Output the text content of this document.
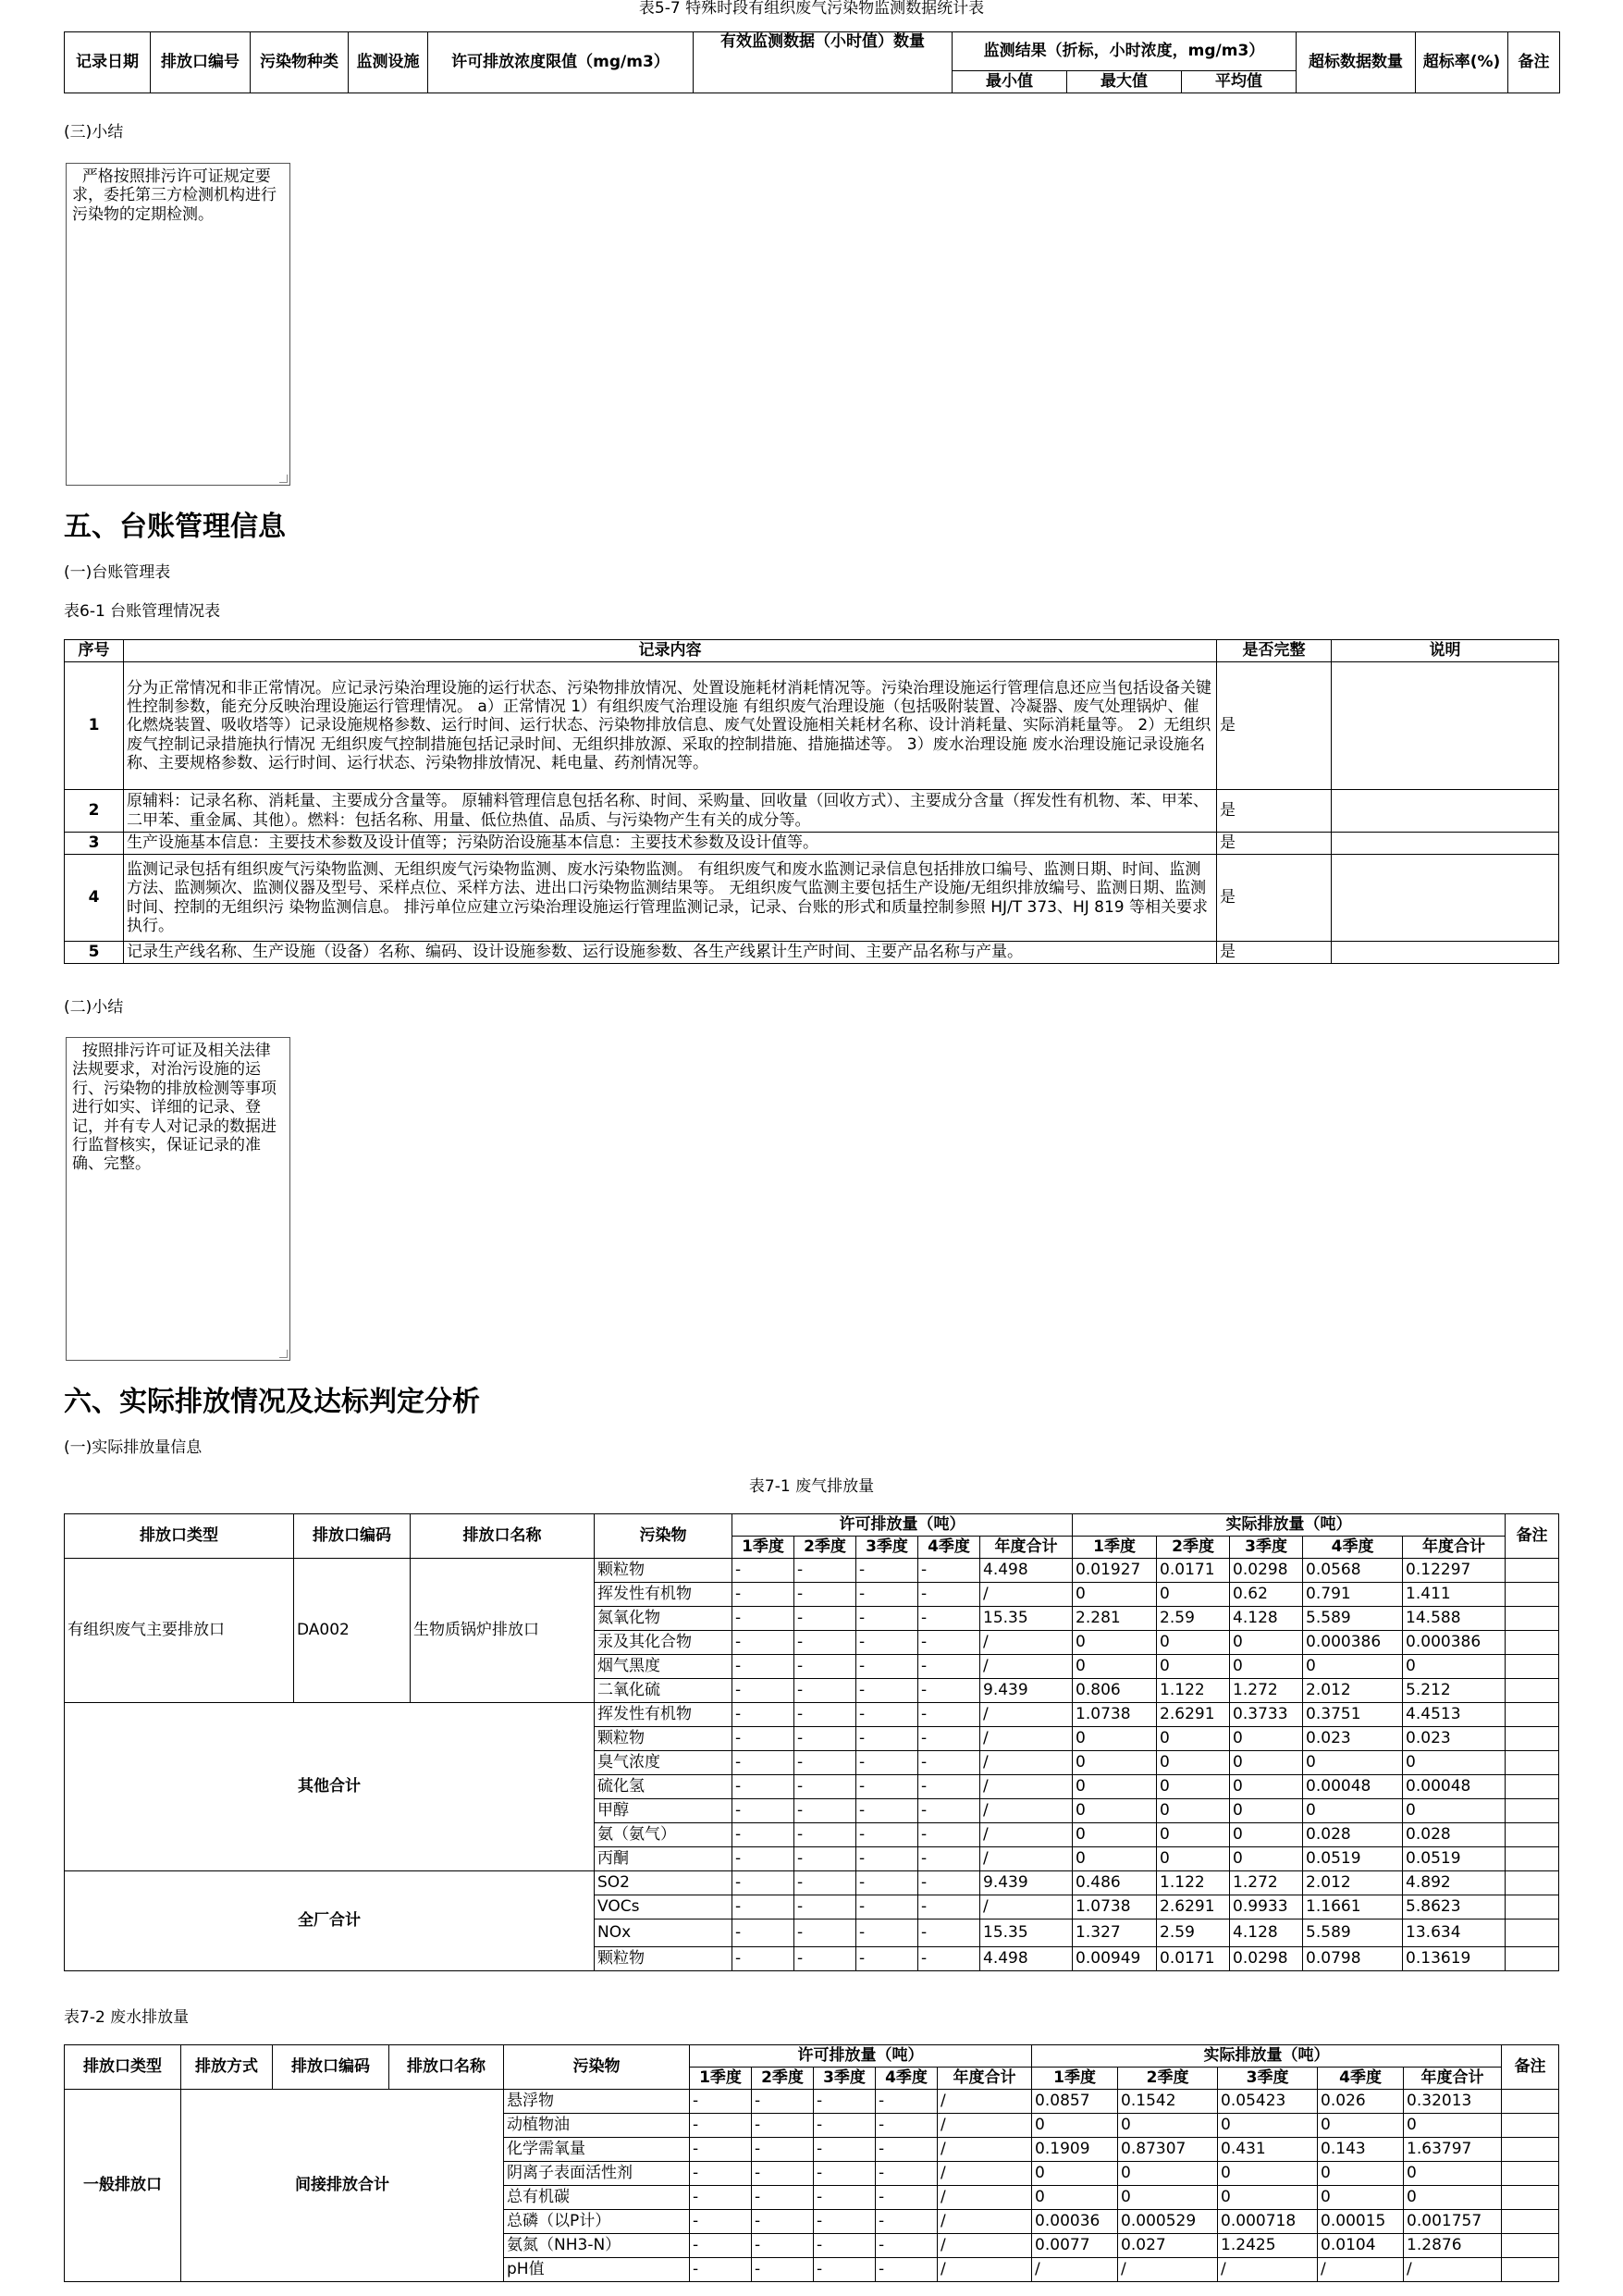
表5-7 特殊时段有组织废气污染物监测数据统计表
记录日期	排放口编号	污染物种类	监测设施	许可排放浓度限值（mg/m3）	有效监测数据（小时值）数量	监测结果（折标，小时浓度，mg/m3）			超标数据数量	超标率(%)	备注
						最小值	最大值	平均值			
(三)小结
严格按照排污许可证规定要求，委托第三方检测机构进行污染物的定期检测。
五、台账管理信息
(一)台账管理表
表6-1 台账管理情况表
序号	记录内容	是否完整	说明
1	分为正常情况和非正常情况。应记录污染治理设施的运行状态、污染物排放情况、处置设施耗材消耗情况等。污染治理设施运行管理信息还应当包括设备关键性控制参数，能充分反映治理设施运行管理情况。 a）正常情况 1）有组织废气治理设施 有组织废气治理设施（包括吸附装置、冷凝器、废气处理锅炉、催化燃烧装置、吸收塔等）记录设施规格参数、运行时间、运行状态、污染物排放信息、废气处置设施相关耗材名称、设计消耗量、实际消耗量等。 2）无组织废气控制记录措施执行情况 无组织废气控制措施包括记录时间、无组织排放源、采取的控制措施、措施描述等。 3）废水治理设施 废水治理设施记录设施名称、主要规格参数、运行时间、运行状态、污染物排放情况、耗电量、药剂情况等。	是	
2	原辅料：记录名称、消耗量、主要成分含量等。 原辅料管理信息包括名称、时间、采购量、回收量（回收方式）、主要成分含量（挥发性有机物、苯、甲苯、二甲苯、重金属、其他）。燃料：包括名称、用量、低位热值、品质、与污染物产生有关的成分等。	是	
3	生产设施基本信息：主要技术参数及设计值等；污染防治设施基本信息：主要技术参数及设计值等。	是	
4	监测记录包括有组织废气污染物监测、无组织废气污染物监测、废水污染物监测。 有组织废气和废水监测记录信息包括排放口编号、监测日期、时间、监测方法、监测频次、监测仪器及型号、采样点位、采样方法、进出口污染物监测结果等。 无组织废气监测主要包括生产设施/无组织排放编号、监测日期、监测时间、控制的无组织污 染物监测信息。 排污单位应建立污染治理设施运行管理监测记录，记录、台账的形式和质量控制参照 HJ/T 373、HJ 819 等相关要求执行。	是	
5	记录生产线名称、生产设施（设备）名称、编码、设计设施参数、运行设施参数、各生产线累计生产时间、主要产品名称与产量。	是	
(二)小结
按照排污许可证及相关法律法规要求，对治污设施的运行、污染物的排放检测等事项进行如实、详细的记录、登记，并有专人对记录的数据进行监督核实，保证记录的准确、完整。
六、实际排放情况及达标判定分析
(一)实际排放量信息
表7-1 废气排放量
排放口类型	排放口编码	排放口名称	污染物	许可排放量（吨）					实际排放量（吨）					备注
				1季度	2季度	3季度	4季度	年度合计	1季度	2季度	3季度	4季度	年度合计	
有组织废气主要排放口	DA002	生物质锅炉排放口	颗粒物	-	-	-	-	4.498	0.01927	0.0171	0.0298	0.0568	0.12297	
			挥发性有机物	-	-	-	-	/	0	0	0.62	0.791	1.411	
			氮氧化物	-	-	-	-	15.35	2.281	2.59	4.128	5.589	14.588	
			汞及其化合物	-	-	-	-	/	0	0	0	0.000386	0.000386	
			烟气黑度	-	-	-	-	/	0	0	0	0	0	
			二氧化硫	-	-	-	-	9.439	0.806	1.122	1.272	2.012	5.212	
其他合计			挥发性有机物	-	-	-	-	/	1.0738	2.6291	0.3733	0.3751	4.4513	
			颗粒物	-	-	-	-	/	0	0	0	0.023	0.023	
			臭气浓度	-	-	-	-	/	0	0	0	0	0	
			硫化氢	-	-	-	-	/	0	0	0	0.00048	0.00048	
			甲醇	-	-	-	-	/	0	0	0	0	0	
			氨（氨气）	-	-	-	-	/	0	0	0	0.028	0.028	
			丙酮	-	-	-	-	/	0	0	0	0.0519	0.0519	
全厂合计			SO2	-	-	-	-	9.439	0.486	1.122	1.272	2.012	4.892	
			VOCs	-	-	-	-	/	1.0738	2.6291	0.9933	1.1661	5.8623	
			NOx	-	-	-	-	15.35	1.327	2.59	4.128	5.589	13.634	
			颗粒物	-	-	-	-	4.498	0.00949	0.0171	0.0298	0.0798	0.13619	
表7-2 废水排放量
排放口类型	排放方式	排放口编码	排放口名称	污染物	许可排放量（吨）					实际排放量（吨）					备注
					1季度	2季度	3季度	4季度	年度合计	1季度	2季度	3季度	4季度	年度合计	
一般排放口	间接排放合计			悬浮物	-	-	-	-	/	0.0857	0.1542	0.05423	0.026	0.32013	
				动植物油	-	-	-	-	/	0	0	0	0	0	
				化学需氧量	-	-	-	-	/	0.1909	0.87307	0.431	0.143	1.63797	
				阴离子表面活性剂	-	-	-	-	/	0	0	0	0	0	
				总有机碳	-	-	-	-	/	0	0	0	0	0	
				总磷（以P计）	-	-	-	-	/	0.00036	0.000529	0.000718	0.00015	0.001757	
				氨氮（NH3-N）	-	-	-	-	/	0.0077	0.027	1.2425	0.0104	1.2876	
				pH值	-	-	-	-	/	/	/	/	/	/	
